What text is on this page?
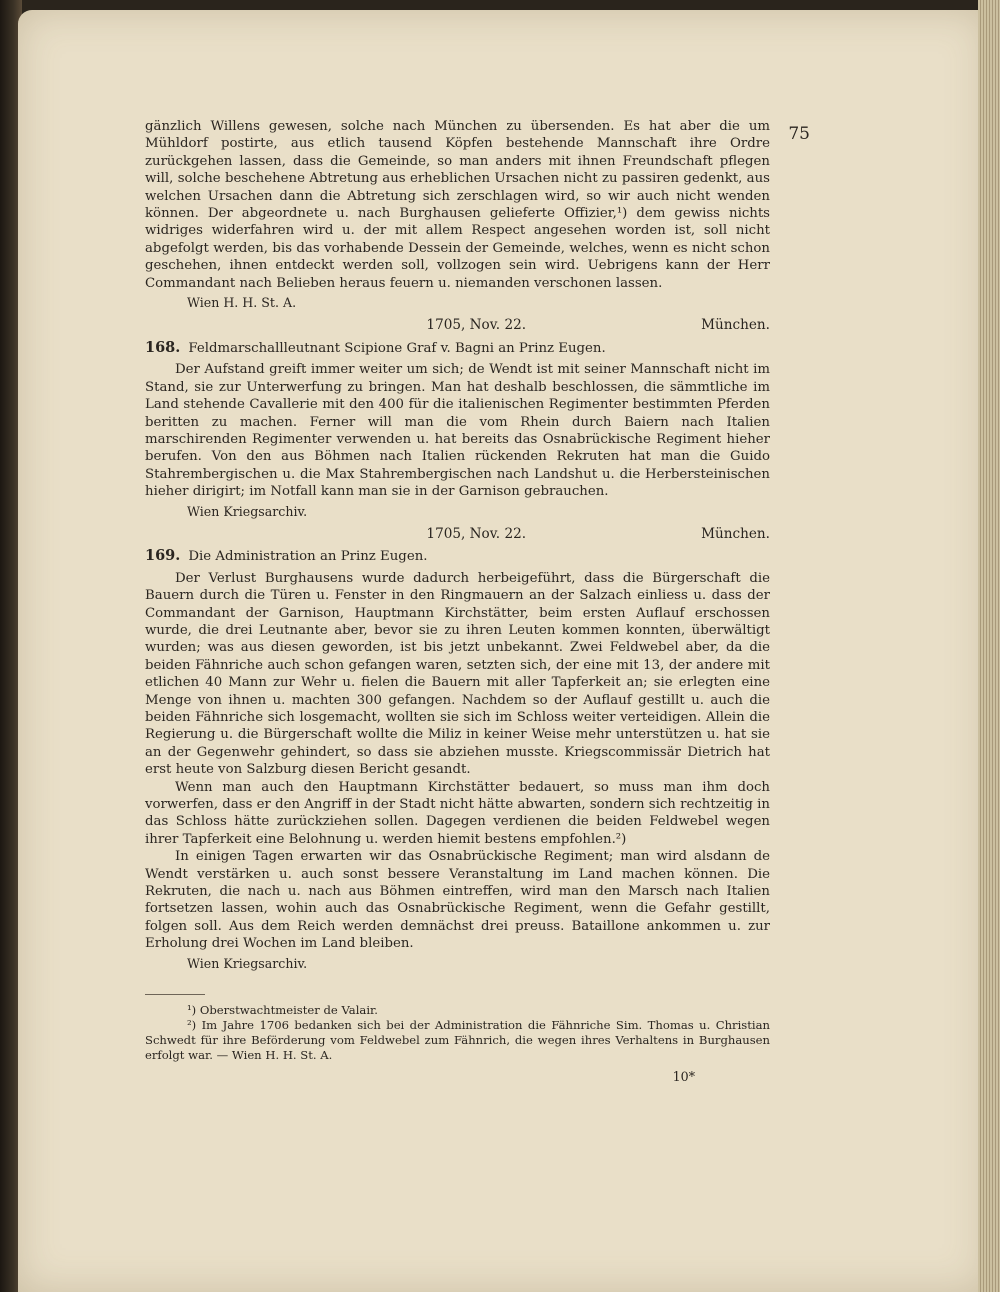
75

gänzlich Willens gewesen, solche nach München zu übersenden. Es hat aber die um Mühldorf postirte, aus etlich tausend Köpfen bestehende Mannschaft ihre Ordre zurückgehen lassen, dass die Gemeinde, so man anders mit ihnen Freundschaft pflegen will, solche beschehene Abtretung aus erheblichen Ursachen nicht zu passiren gedenkt, aus welchen Ursachen dann die Abtretung sich zerschlagen wird, so wir auch nicht wenden können. Der abgeordnete u. nach Burghausen gelieferte Offizier,¹) dem gewiss nichts widriges widerfahren wird u. der mit allem Respect angesehen worden ist, soll nicht abgefolgt werden, bis das vorhabende Dessein der Gemeinde, welches, wenn es nicht schon geschehen, ihnen entdeckt werden soll, vollzogen sein wird. Uebrigens kann der Herr Commandant nach Belieben heraus feuern u. niemanden verschonen lassen.

Wien H. H. St. A.

1705, Nov. 22.	München.

168. Feldmarschallleutnant Scipione Graf v. Bagni an Prinz Eugen.

Der Aufstand greift immer weiter um sich; de Wendt ist mit seiner Mannschaft nicht im Stand, sie zur Unterwerfung zu bringen. Man hat deshalb beschlossen, die sämmtliche im Land stehende Cavallerie mit den 400 für die italienischen Regimenter bestimmten Pferden beritten zu machen. Ferner will man die vom Rhein durch Baiern nach Italien marschirenden Regimenter verwenden u. hat bereits das Osnabrückische Regiment hieher berufen. Von den aus Böhmen nach Italien rückenden Rekruten hat man die Guido Stahrembergischen u. die Max Stahrembergischen nach Landshut u. die Herbersteinischen hieher dirigirt; im Notfall kann man sie in der Garnison gebrauchen.

Wien Kriegsarchiv.

1705, Nov. 22.	München.

169. Die Administration an Prinz Eugen.

Der Verlust Burghausens wurde dadurch herbeigeführt, dass die Bürgerschaft die Bauern durch die Türen u. Fenster in den Ringmauern an der Salzach einliess u. dass der Commandant der Garnison, Hauptmann Kirchstätter, beim ersten Auflauf erschossen wurde, die drei Leutnante aber, bevor sie zu ihren Leuten kommen konnten, überwältigt wurden; was aus diesen geworden, ist bis jetzt unbekannt. Zwei Feldwebel aber, da die beiden Fähnriche auch schon gefangen waren, setzten sich, der eine mit 13, der andere mit etlichen 40 Mann zur Wehr u. fielen die Bauern mit aller Tapferkeit an; sie erlegten eine Menge von ihnen u. machten 300 gefangen. Nachdem so der Auflauf gestillt u. auch die beiden Fähnriche sich losgemacht, wollten sie sich im Schloss weiter verteidigen. Allein die Regierung u. die Bürgerschaft wollte die Miliz in keiner Weise mehr unterstützen u. hat sie an der Gegenwehr gehindert, so dass sie abziehen musste. Kriegscommissär Dietrich hat erst heute von Salzburg diesen Bericht gesandt.

Wenn man auch den Hauptmann Kirchstätter bedauert, so muss man ihm doch vorwerfen, dass er den Angriff in der Stadt nicht hätte abwarten, sondern sich rechtzeitig in das Schloss hätte zurückziehen sollen. Dagegen verdienen die beiden Feldwebel wegen ihrer Tapferkeit eine Belohnung u. werden hiemit bestens empfohlen.²)

In einigen Tagen erwarten wir das Osnabrückische Regiment; man wird alsdann de Wendt verstärken u. auch sonst bessere Veranstaltung im Land machen können. Die Rekruten, die nach u. nach aus Böhmen eintreffen, wird man den Marsch nach Italien fortsetzen lassen, wohin auch das Osnabrückische Regiment, wenn die Gefahr gestillt, folgen soll. Aus dem Reich werden demnächst drei preuss. Bataillone ankommen u. zur Erholung drei Wochen im Land bleiben.

Wien Kriegsarchiv.

¹) Oberstwachtmeister de Valair.

²) Im Jahre 1706 bedanken sich bei der Administration die Fähnriche Sim. Thomas u. Christian Schwedt für ihre Beförderung vom Feldwebel zum Fähnrich, die wegen ihres Verhaltens in Burghausen erfolgt war. — Wien H. H. St. A.

10*
